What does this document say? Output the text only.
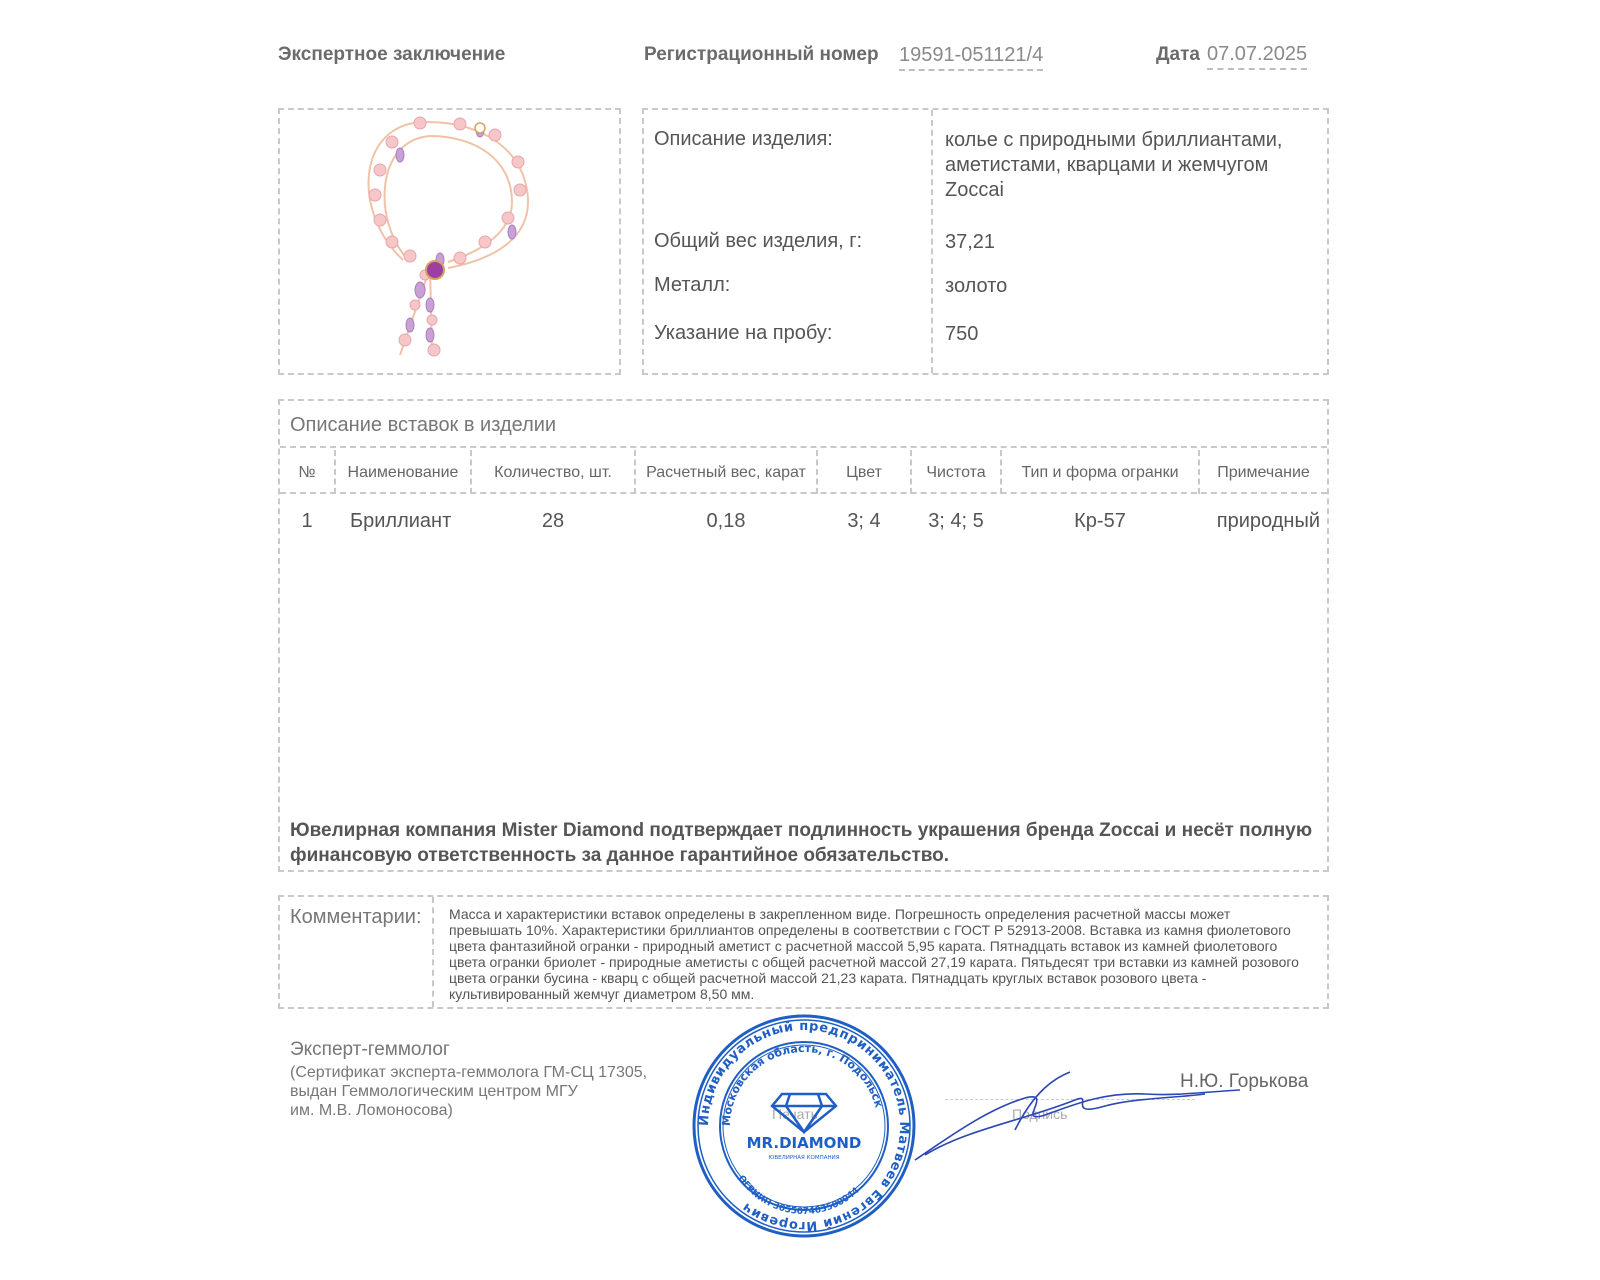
Экспертное заключение	Регистрационный номер 19591-051121/4	Дата 07.07.2025
Описание изделия:	колье с природными бриллиантами,
аметистами, кварцами и жемчугом
Zoccai
Общий вес изделия, г:	37,21
Металл:	золото
Указание на пробу:	750
Описание вставок в изделии
№	Наименование	Количество, шт.	Расчетный вес, карат	Цвет	Чистота	Тип и форма огранки	Примечание
1	Бриллиант	28	0,18	3; 4	3; 4; 5	Кр-57	природный
Ювелирная компания Mister Diamond подтверждает подлинность украшения бренда Zoccai и несёт полную
финансовую ответственность за данное гарантийное обязательство.
Комментарии: Масса и характеристики вставок определены в закрепленном виде. Погрешность определения расчетной массы может
превышать 10%. Характеристики бриллиантов определены в соответствии с ГОСТ Р 52913-2008. Вставка из камня фиолетового
цвета фантазийной огранки - природный аметист с расчетной массой 5,95 карата. Пятнадцать вставок из камней фиолетового
цвета огранки бриолет - природные аметисты с общей расчетной массой 27,19 карата. Пятьдесят три вставки из камней розового
цвета огранки бусина - кварц с общей расчетной массой 21,23 карата. Пятнадцать круглых вставок розового цвета -
культивированный жемчуг диаметром 8,50 мм.
Эксперт-геммолог
(Сертификат эксперта-геммолога ГМ-СЦ 17305,
выдан Геммологическим центром МГУ
им. М.В. Ломоносова)	Печать	Подпись
Н.Ю. Горькова
Индивидуальный предприниматель Матвеев Евгений Игоревич
Московская область, г. Подольск
ОГРНИП 305507403500044
MR.DIAMOND
ЮВЕЛИРНАЯ КОМПАНИЯ
